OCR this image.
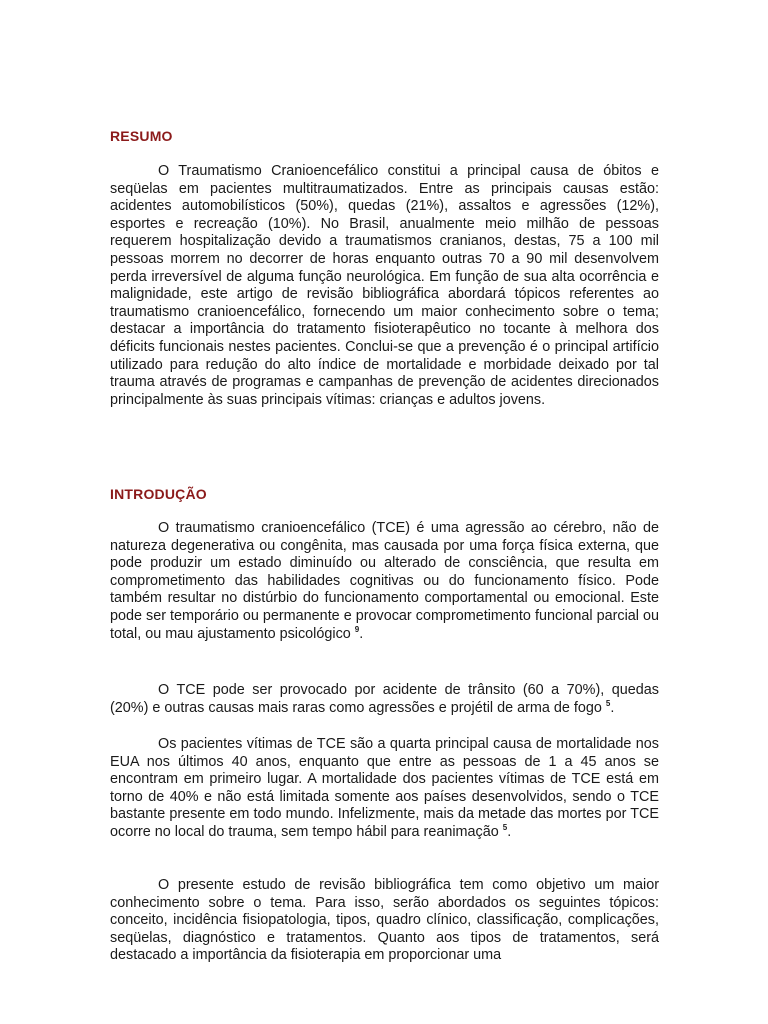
RESUMO

O Traumatismo Cranioencefálico constitui a principal causa de óbitos e seqüelas em pacientes multitraumatizados. Entre as principais causas estão: acidentes automobilísticos (50%), quedas (21%), assaltos e agressões (12%), esportes e recreação (10%). No Brasil, anualmente meio milhão de pessoas requerem hospitalização devido a traumatismos cranianos, destas, 75 a 100 mil pessoas morrem no decorrer de horas enquanto outras 70 a 90 mil desenvolvem perda irreversível de alguma função neurológica. Em função de sua alta ocorrência e malignidade, este artigo de revisão bibliográfica abordará tópicos referentes ao traumatismo cranioencefálico, fornecendo um maior conhecimento sobre o tema; destacar a importância do tratamento fisioterapêutico no tocante à melhora dos déficits funcionais nestes pacientes. Conclui-se que a prevenção é o principal artifício utilizado para redução do alto índice de mortalidade e morbidade deixado por tal trauma através de programas e campanhas de prevenção de acidentes direcionados principalmente às suas principais vítimas: crianças e adultos jovens.

INTRODUÇÃO

O traumatismo cranioencefálico (TCE) é uma agressão ao cérebro, não de natureza degenerativa ou congênita, mas causada por uma força física externa, que pode produzir um estado diminuído ou alterado de consciência, que resulta em comprometimento das habilidades cognitivas ou do funcionamento físico. Pode também resultar no distúrbio do funcionamento comportamental ou emocional. Este pode ser temporário ou permanente e provocar comprometimento funcional parcial ou total, ou mau ajustamento psicológico $^9$.

O TCE pode ser provocado por acidente de trânsito (60 a 70%), quedas (20%) e outras causas mais raras como agressões e projétil de arma de fogo $^5$.

Os pacientes vítimas de TCE são a quarta principal causa de mortalidade nos EUA nos últimos 40 anos, enquanto que entre as pessoas de 1 a 45 anos se encontram em primeiro lugar. A mortalidade dos pacientes vítimas de TCE está em torno de 40% e não está limitada somente aos países desenvolvidos, sendo o TCE bastante presente em todo mundo. Infelizmente, mais da metade das mortes por TCE ocorre no local do trauma, sem tempo hábil para reanimação $^5$.

O presente estudo de revisão bibliográfica tem como objetivo um maior conhecimento sobre o tema. Para isso, serão abordados os seguintes tópicos: conceito, incidência fisiopatologia, tipos, quadro clínico, classificação, complicações, seqüelas, diagnóstico e tratamentos. Quanto aos tipos de tratamentos, será destacado a importância da fisioterapia em proporcionar uma
